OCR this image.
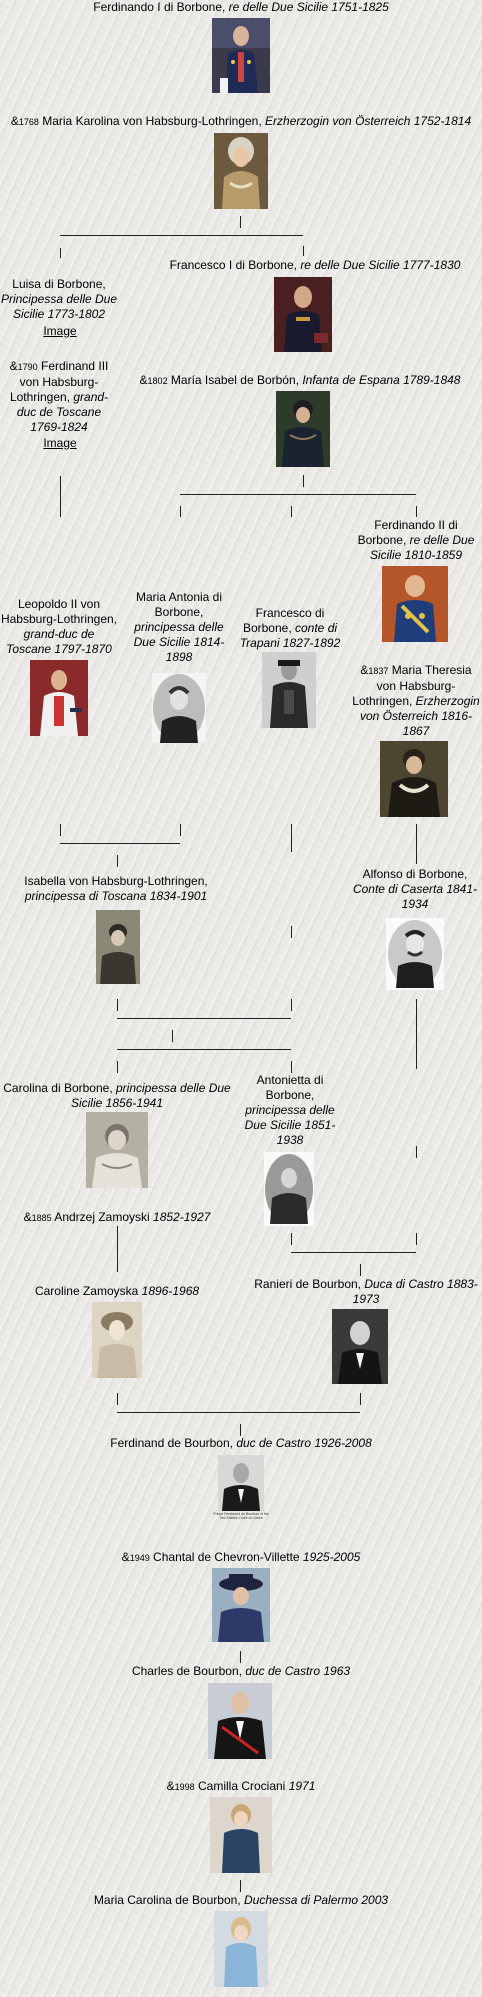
Ferdinando I di Borbone, re delle Due Sicilie 1751-1825
&1768 Maria Karolina von Habsburg-Lothringen, Erzherzogin von Österreich 1752-1814
Luisa di Borbone, Principessa delle Due Sicilie 1773-1802
Image
Francesco I di Borbone, re delle Due Sicilie 1777-1830
&1790 Ferdinand III von Habsburg-Lothringen, grand-duc de Toscane 1769-1824
Image
&1802 María Isabel de Borbón, Infanta de Espana 1789-1848
Ferdinando II di Borbone, re delle Due Sicilie 1810-1859
Leopoldo II von Habsburg-Lothringen, grand-duc de Toscane 1797-1870
Maria Antonia di Borbone, principessa delle Due Sicilie 1814-1898
Francesco di Borbone, conte di Trapani 1827-1892
&1837 Maria Theresia von Habsburg-Lothringen, Erzherzogin von Österreich 1816-1867
Isabella von Habsburg-Lothringen, principessa di Toscana 1834-1901
Alfonso di Borbone, Conte di Caserta 1841-1934
Carolina di Borbone, principessa delle Due Sicilie 1856-1941
Antonietta di Borbone, principessa delle Due Sicilie 1851-1938
&1885 Andrzej Zamoyski 1852-1927
Caroline Zamoyska 1896-1968	Ranieri de Bourbon, Duca di Castro 1883-1973
Ferdinand de Bourbon, duc de Castro 1926-2008
&1949 Chantal de Chevron-Villette 1925-2005
Charles de Bourbon, duc de Castro 1963
&1998 Camilla Crociani 1971
Maria Carolina de Bourbon, Duchessa di Palermo 2003
Prince Ferdinand de Bourbon of the Two Sicilies, Duke of Castro
